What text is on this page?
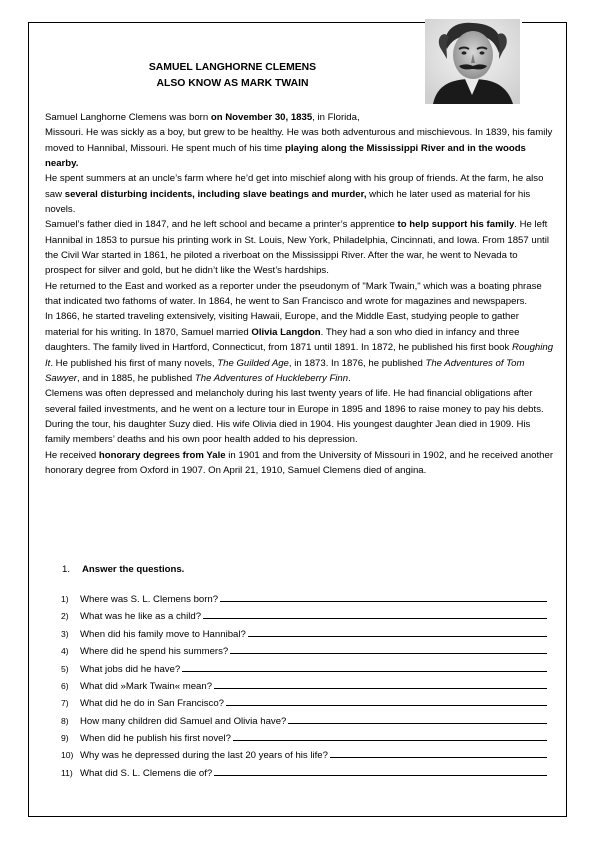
SAMUEL LANGHORNE CLEMENS
ALSO KNOW AS MARK TWAIN

Samuel Langhorne Clemens was born on November 30, 1835, in Florida,

Missouri. He was sickly as a boy, but grew to be healthy. He was both adventurous and mischievous. In 1839, his family moved to Hannibal, Missouri. He spent much of his time playing along the Mississippi River and in the woods nearby.

He spent summers at an uncle’s farm where he’d get into mischief along with his group of friends. At the farm, he also saw several disturbing incidents, including slave beatings and murder, which he later used as material for his novels.

Samuel’s father died in 1847, and he left school and became a printer’s apprentice to help support his family. He left Hannibal in 1853 to pursue his printing work in St. Louis, New York, Philadelphia, Cincinnati, and Iowa. From 1857 until the Civil War started in 1861, he piloted a riverboat on the Mississippi River. After the war, he went to Nevada to prospect for silver and gold, but he didn’t like the West’s hardships.

He returned to the East and worked as a reporter under the pseudonym of "Mark Twain," which was a boating phrase that indicated two fathoms of water. In 1864, he went to San Francisco and wrote for magazines and newspapers.

In 1866, he started traveling extensively, visiting Hawaii, Europe, and the Middle East, studying people to gather material for his writing. In 1870, Samuel married Olivia Langdon. They had a son who died in infancy and three daughters. The family lived in Hartford, Connecticut, from 1871 until 1891. In 1872, he published his first book Roughing It. He published his first of many novels, The Guilded Age, in 1873. In 1876, he published The Adventures of Tom Sawyer, and in 1885, he published The Adventures of Huckleberry Finn.

Clemens was often depressed and melancholy during his last twenty years of life. He had financial obligations after several failed investments, and he went on a lecture tour in Europe in 1895 and 1896 to raise money to pay his debts. During the tour, his daughter Suzy died. His wife Olivia died in 1904. His youngest daughter Jean died in 1909. His family members’ deaths and his own poor health added to his depression.

He received honorary degrees from Yale in 1901 and from the University of Missouri in 1902, and he received another honorary degree from Oxford in 1907. On April 21, 1910, Samuel Clemens died of angina.

1. Answer the questions.
1) Where was S. L. Clemens born?
2) What was he like as a child?
3) When did his family move to Hannibal?
4) Where did he spend his summers?
5) What jobs did he have?
6) What did »Mark Twain« mean?
7) What did he do in San Francisco?
8) How many children did Samuel and Olivia have?
9) When did he publish his first novel?
10) Why was he depressed during the last 20 years of his life?
11) What did S. L. Clemens die of?
